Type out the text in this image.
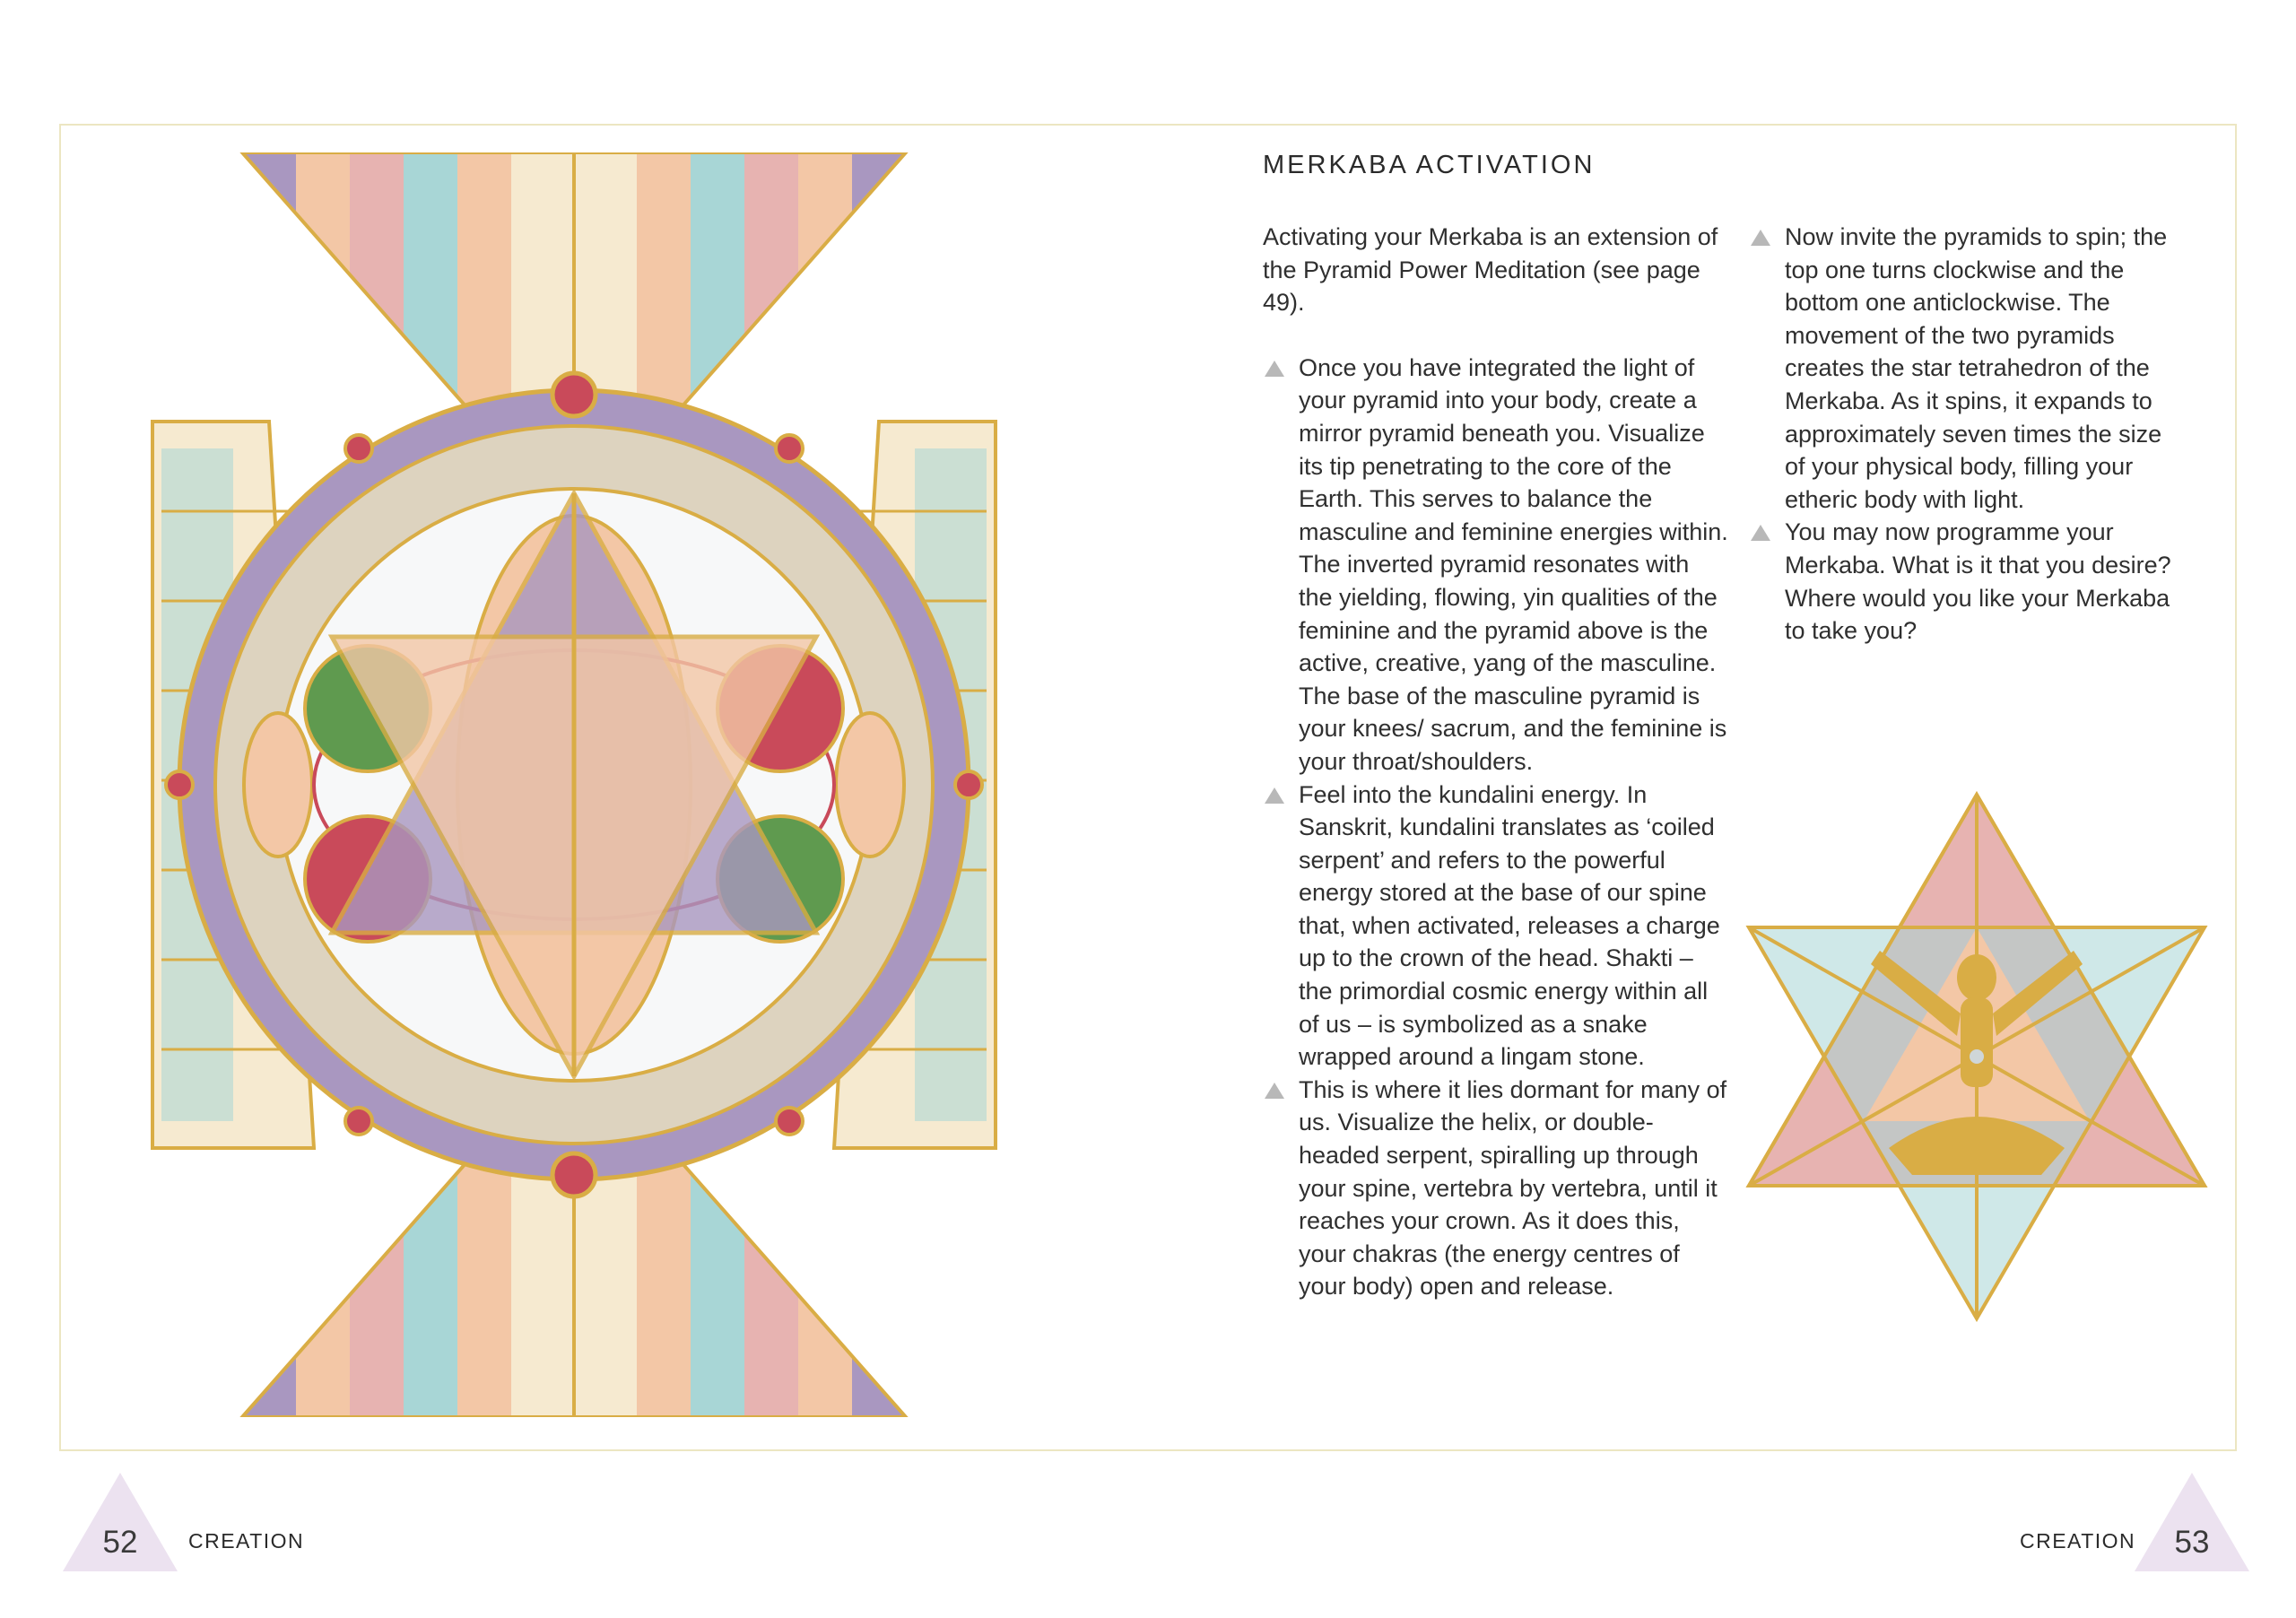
MERKABA ACTIVATION

Activating your Merkaba is an extension of the Pyramid Power Meditation (see page 49).

Once you have integrated the light of your pyramid into your body, create a mirror pyramid beneath you. Visualize its tip penetrating to the core of the Earth. This serves to balance the masculine and feminine energies within. The inverted pyramid resonates with the yielding, flowing, yin qualities of the feminine and the pyramid above is the active, creative, yang of the masculine. The base of the masculine pyramid is your knees/ sacrum, and the feminine is your throat/shoulders.

Feel into the kundalini energy. In Sanskrit, kundalini translates as ‘coiled serpent’ and refers to the powerful energy stored at the base of our spine that, when activated, releases a charge up to the crown of the head. Shakti – the primordial cosmic energy within all of us – is symbolized as a snake wrapped around a lingam stone.

This is where it lies dormant for many of us. Visualize the helix, or double-headed serpent, spiralling up through your spine, vertebra by vertebra, until it reaches your crown. As it does this, your chakras (the energy centres of your body) open and release.

Now invite the pyramids to spin; the top one turns clockwise and the bottom one anticlockwise. The movement of the two pyramids creates the star tetrahedron of the Merkaba. As it spins, it expands to approximately seven times the size of your physical body, filling your etheric body with light.

You may now programme your Merkaba. What is it that you desire? Where would you like your Merkaba to take you?

52	CREATION	CREATION	53
